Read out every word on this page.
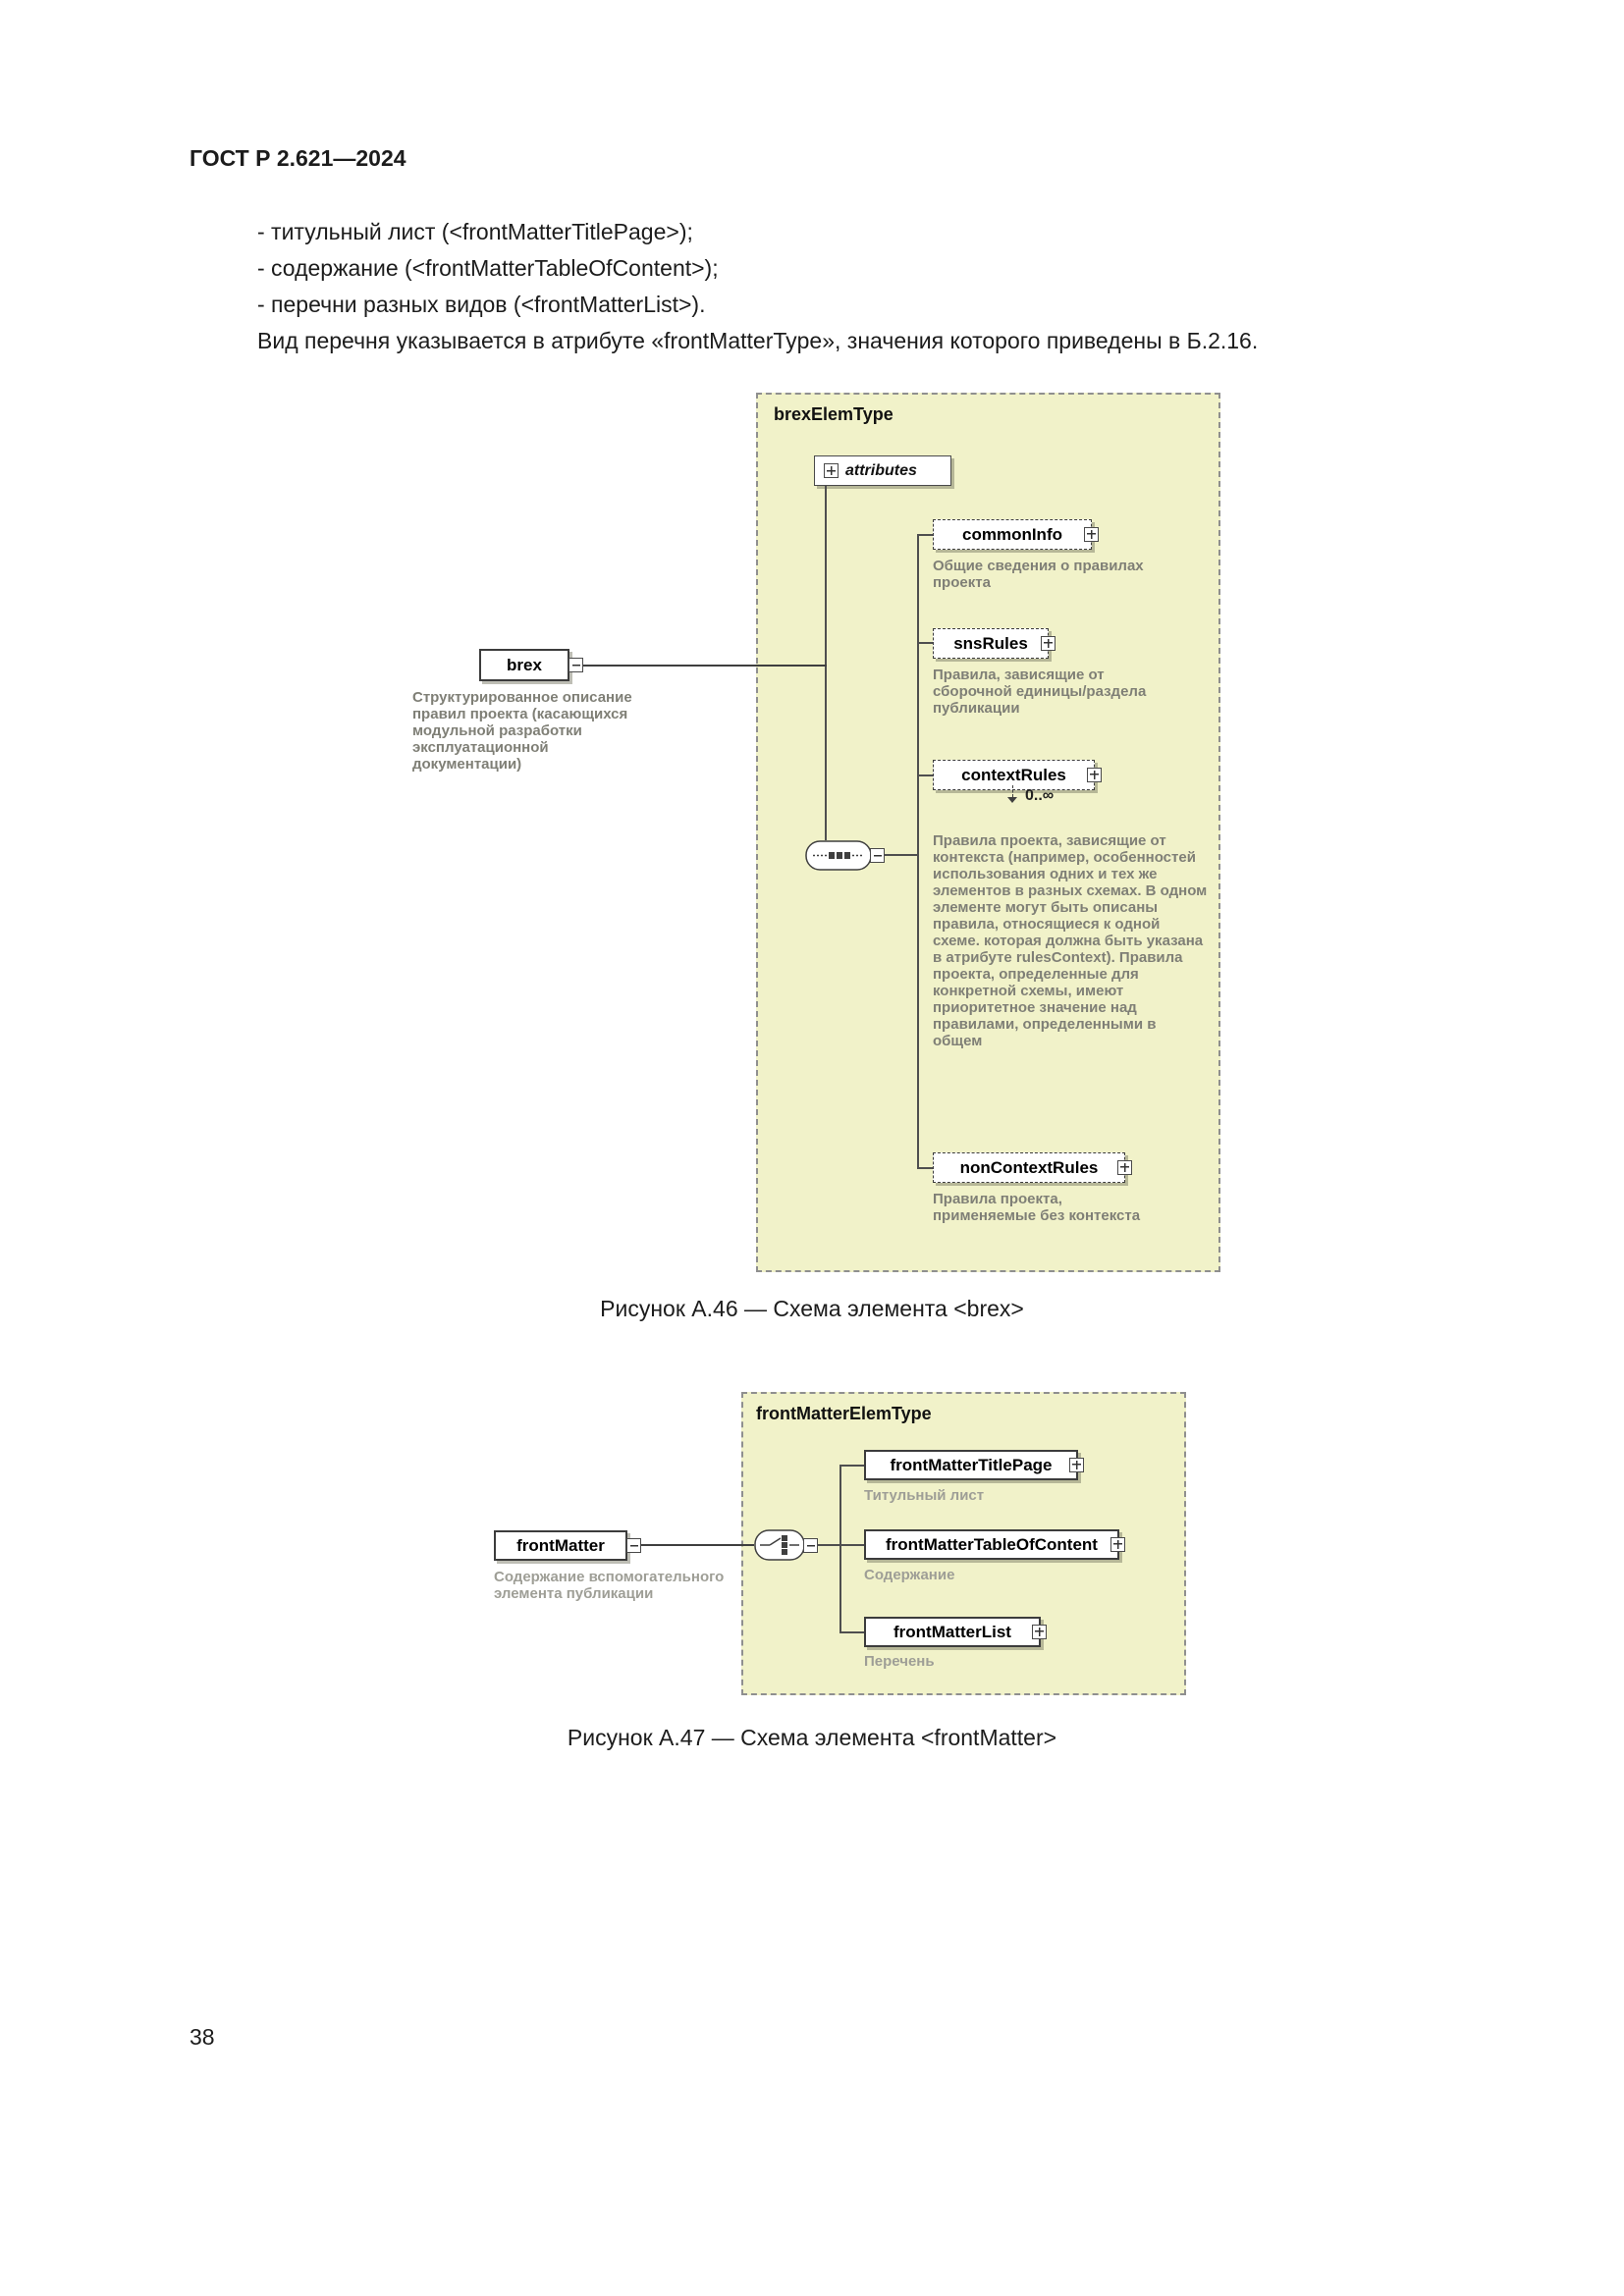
ГОСТ Р 2.621—2024
- титульный лист (<frontMatterTitlePage>);
- содержание (<frontMatterTableOfContent>);
- перечни разных видов (<frontMatterList>).
Вид перечня указывается в атрибуте «frontMatterType», значения которого приведены в Б.2.16.
brexElemType
attributes
brex
Структурированное описание правил проекта (касающихся модульной разработки эксплуатационной документации)
commonInfo
Общие сведения о правилах проекта
snsRules
Правила, зависящие от сборочной единицы/раздела публикации
contextRules
0..∞
Правила проекта, зависящие от контекста (например, особенностей использования одних и тех же элементов в разных схемах. В одном элементе могут быть описаны правила, относящиеся к одной схеме. которая должна быть указана в атрибуте rulesContext). Правила проекта, определенные для конкретной схемы, имеют приоритетное значение над правилами, определенными в общем
nonContextRules
Правила проекта, применяемые без контекста
Рисунок А.46 — Схема элемента <brex>
frontMatterElemType
frontMatter
Содержание вспомогательного элемента публикации
frontMatterTitlePage
Титульный лист
frontMatterTableOfContent
Содержание
frontMatterList
Перечень
Рисунок А.47 — Схема элемента <frontMatter>
38
